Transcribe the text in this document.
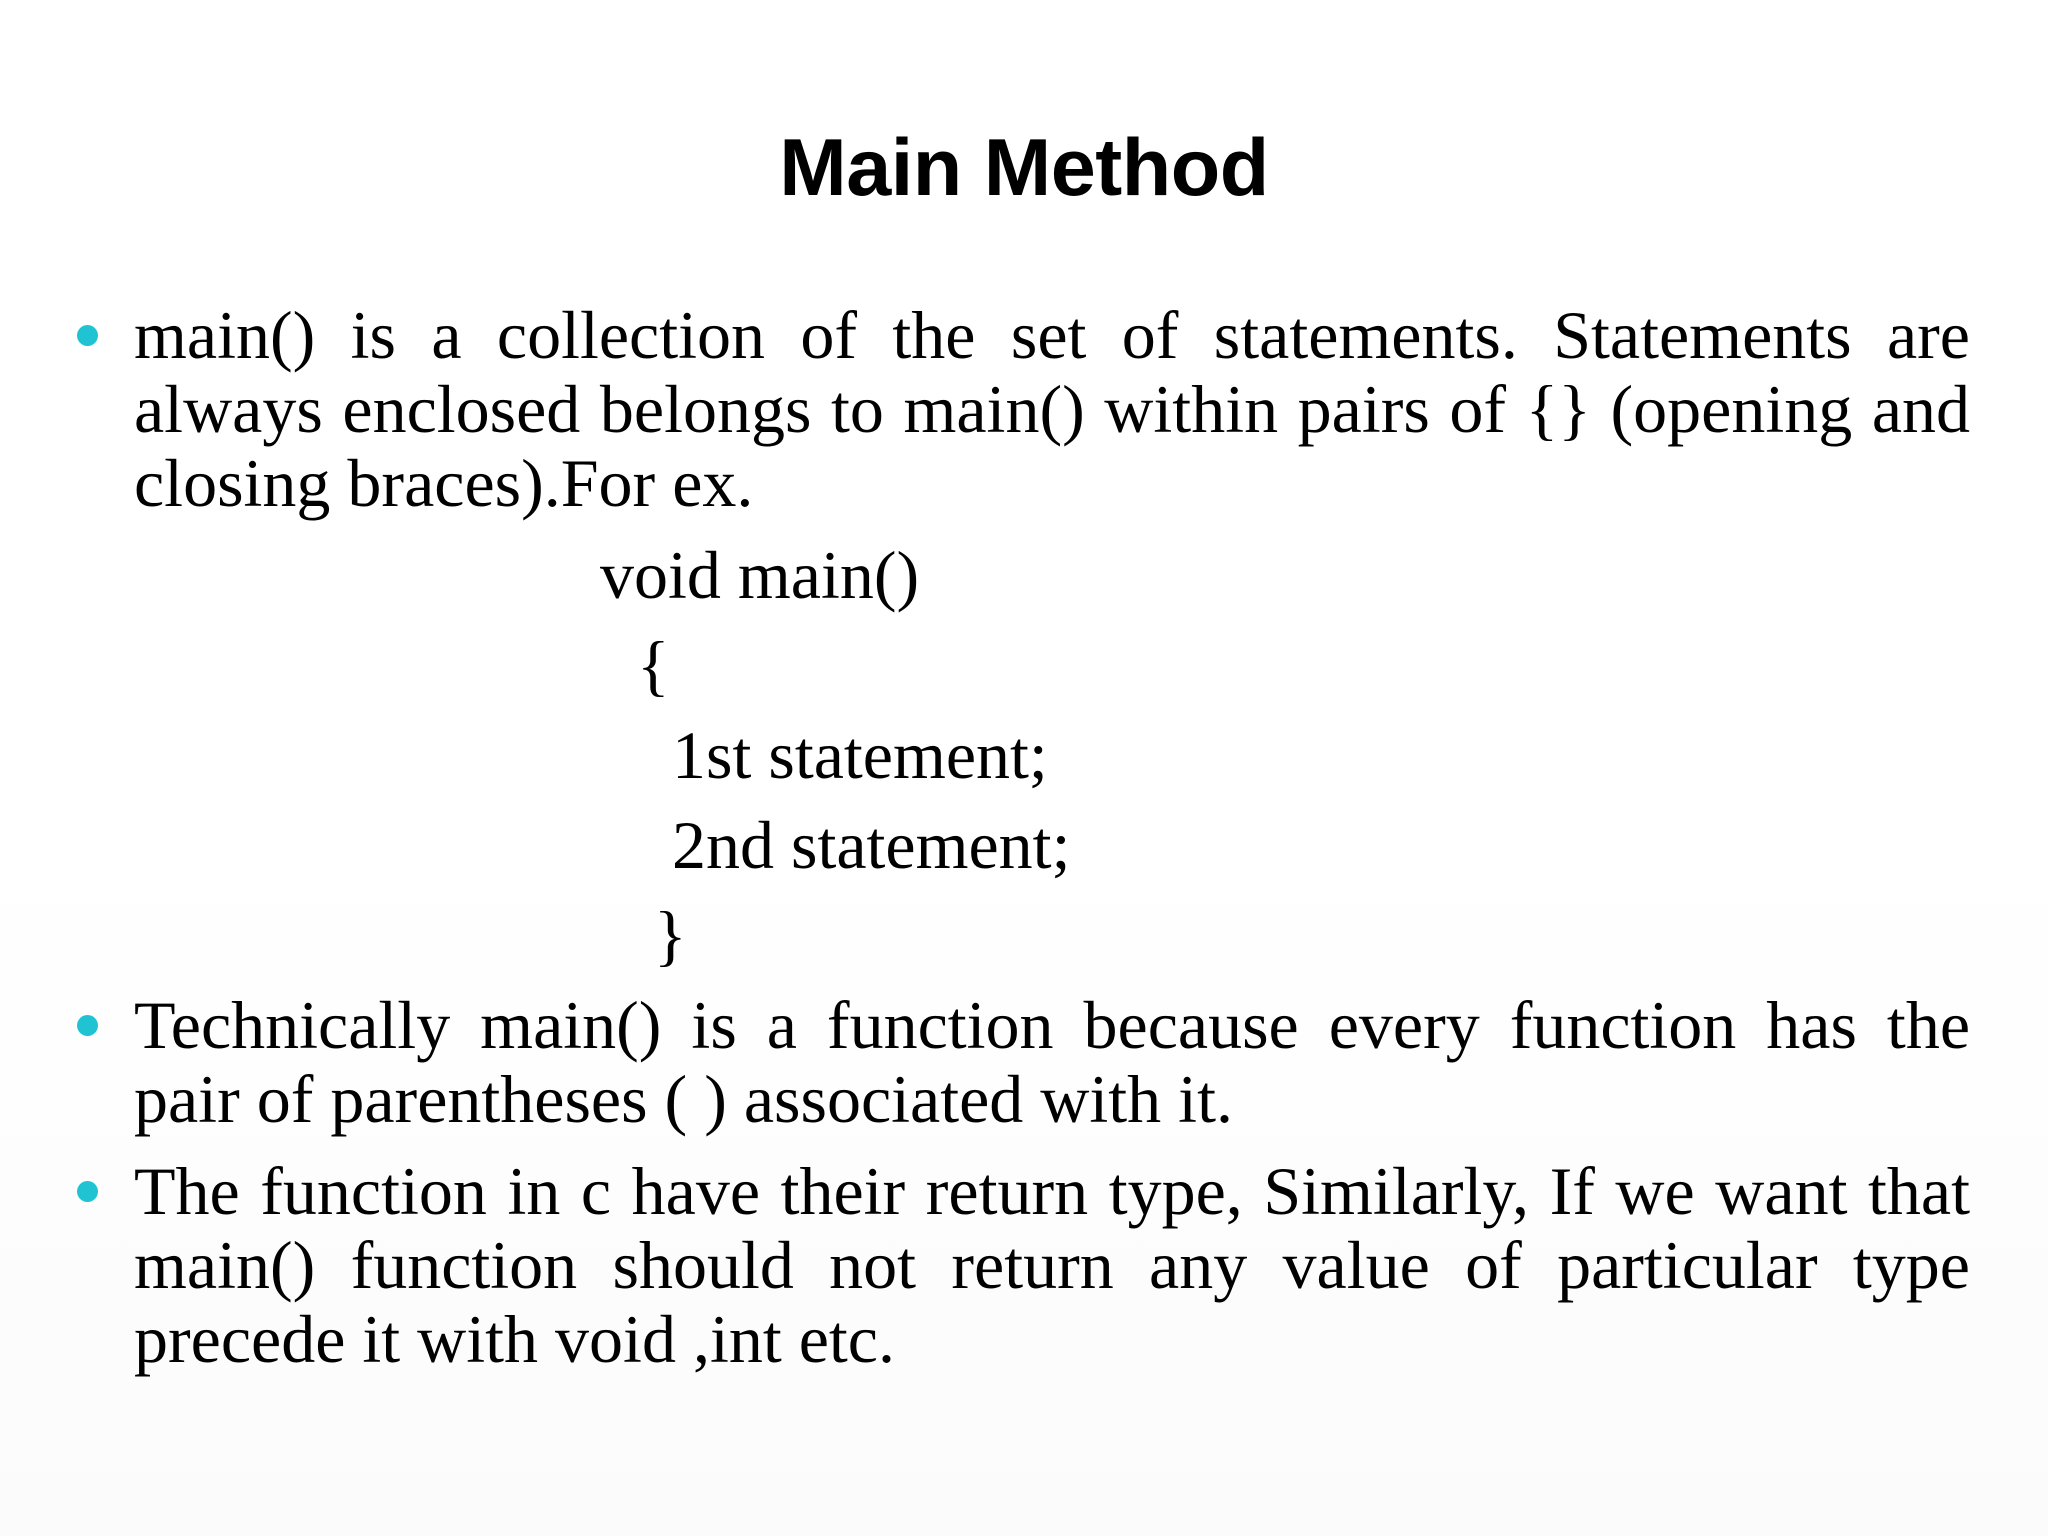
Main Method

main() is a collection of the set of statements. Statements are always enclosed belongs to main() within pairs of {} (opening and closing braces).For ex.

void main()

{

1st statement;

2nd statement;

}

Technically main() is a function because every function has the pair of parentheses ( ) associated with it.

The function in c have their return type, Similarly, If we want that main() function should not return any value of particular type precede it with void ,int etc.
